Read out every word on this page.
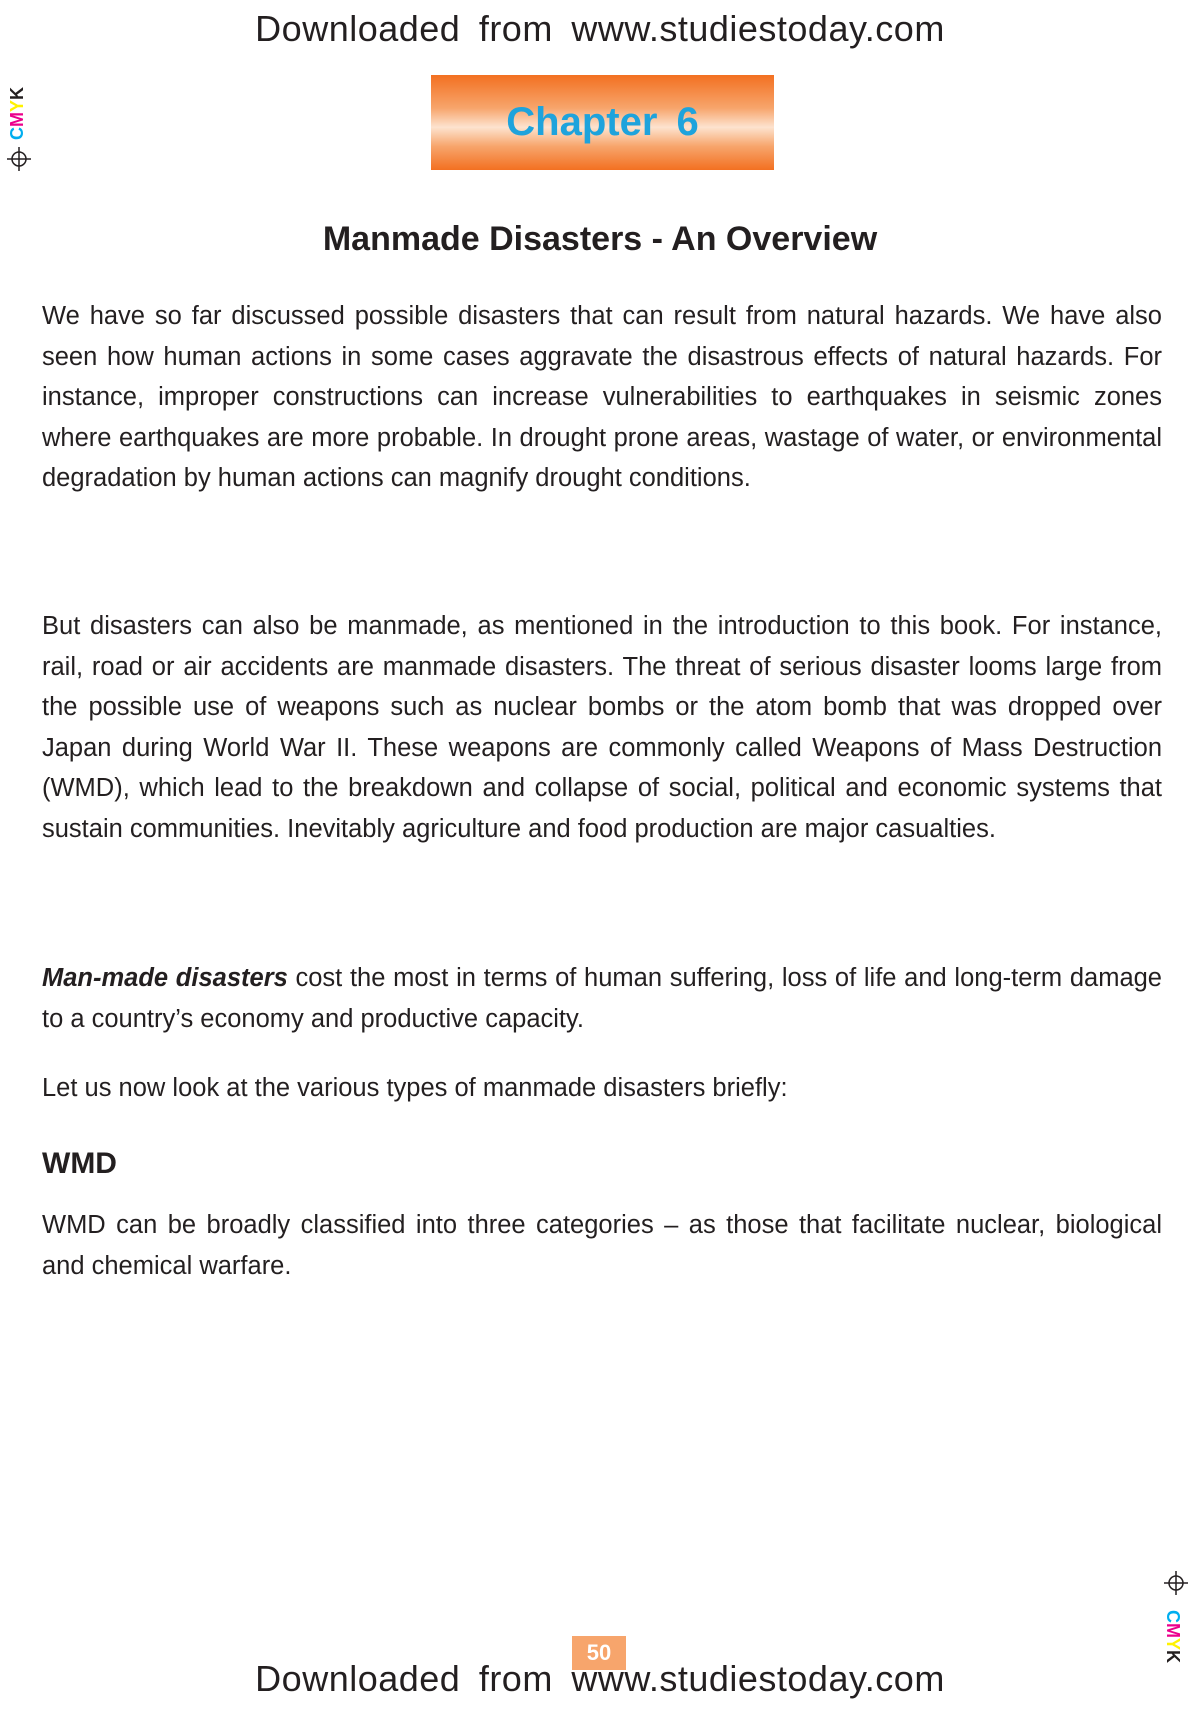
Downloaded from www.studiestoday.com
CMYK
Chapter 6
Manmade Disasters - An Overview
We have so far discussed possible disasters that can result from natural hazards. We have also seen how human actions in some cases aggravate the disastrous effects of natural hazards. For instance, improper constructions can increase vulnerabilities to earthquakes in seismic zones where earthquakes are more probable. In drought prone areas, wastage of water, or environmental degradation by human actions can magnify drought conditions.
But disasters can also be manmade, as mentioned in the introduction to this book. For instance, rail, road or air accidents are manmade disasters. The threat of serious disaster looms large from the possible use of weapons such as nuclear bombs or the atom bomb that was dropped over Japan during World War II. These weapons are commonly called Weapons of Mass Destruction (WMD), which lead to the breakdown and collapse of social, political and economic systems that sustain communities. Inevitably agriculture and food production are major casualties.
Man-made disasters cost the most in terms of human suffering, loss of life and long-term damage to a country’s economy and productive capacity.
Let us now look at the various types of manmade disasters briefly:
WMD
WMD can be broadly classified into three categories – as those that facilitate nuclear, biological and chemical warfare.
CMYK
50
Downloaded from www.studiestoday.com
